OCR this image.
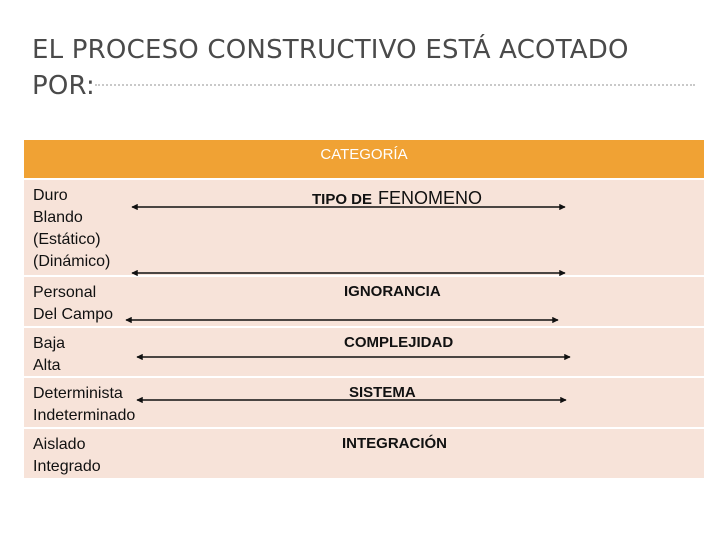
EL PROCESO CONSTRUCTIVO ESTÁ ACOTADO POR:
CATEGORÍA
Duro
Blando
(Estático)
(Dinámico)
TIPO DE FENOMENO
Personal
Del Campo
IGNORANCIA
Baja
Alta
COMPLEJIDAD
Determinista
Indeterminado
SISTEMA
Aislado
Integrado
INTEGRACIÓN
